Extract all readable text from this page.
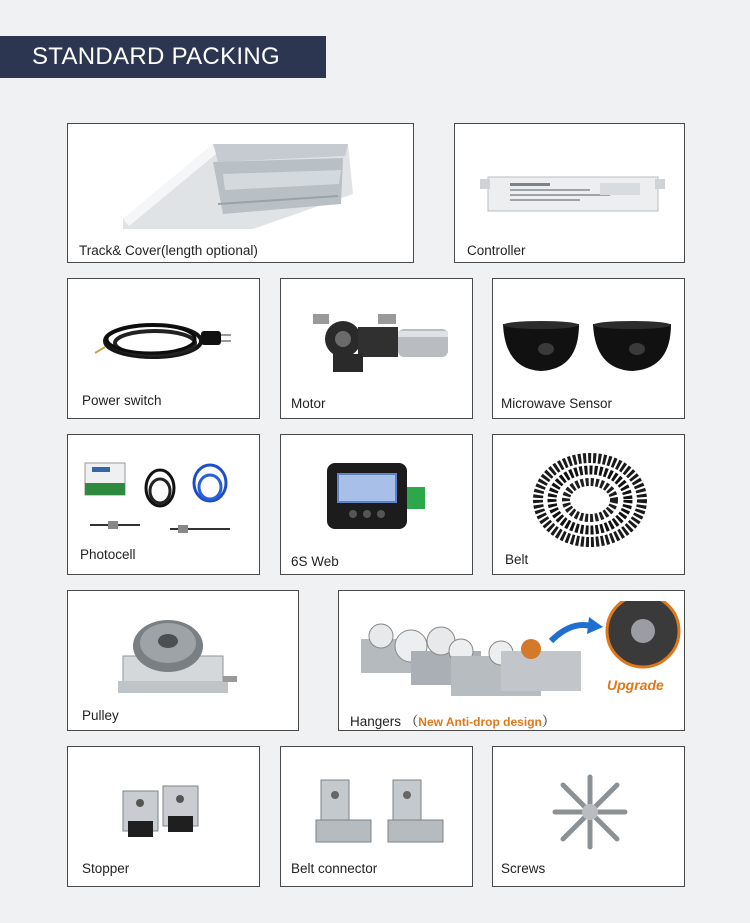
STANDARD PACKING
Track& Cover(length optional)	Controller
Power switch	Motor	Microwave Sensor
Photocell	6S Web	Belt
Pulley
Upgrade
Hangers （New Anti-drop design）
Stopper	Belt connector	Screws
